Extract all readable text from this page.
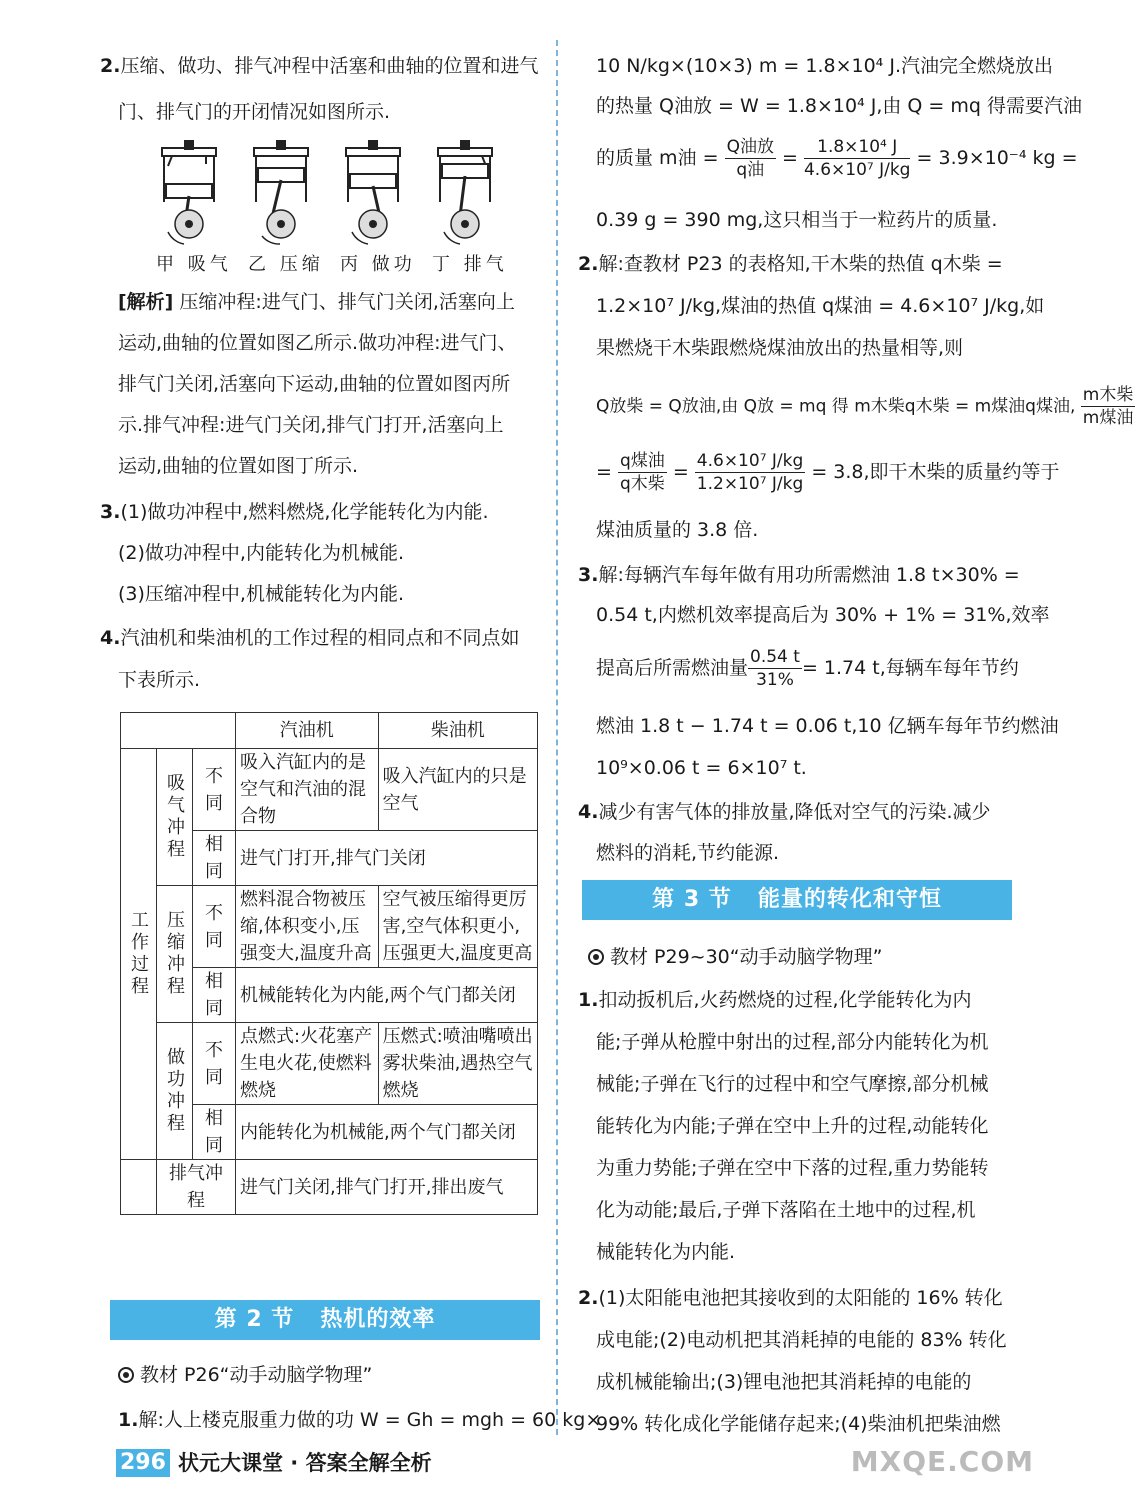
2.压缩、做功、排气冲程中活塞和曲轴的位置和进气
门、排气门的开闭情况如图所示.
甲 吸气 乙 压缩 丙 做功 丁 排气
[解析] 压缩冲程:进气门、排气门关闭,活塞向上
运动,曲轴的位置如图乙所示.做功冲程:进气门、
排气门关闭,活塞向下运动,曲轴的位置如图丙所
示.排气冲程:进气门关闭,排气门打开,活塞向上
运动,曲轴的位置如图丁所示.
3.(1)做功冲程中,燃料燃烧,化学能转化为内能.
(2)做功冲程中,内能转化为机械能.
(3)压缩冲程中,机械能转化为内能.
4.汽油机和柴油机的工作过程的相同点和不同点如
下表所示.
			汽油机	柴油机
工作过程	吸气冲程	不同	吸入汽缸内的是空气和汽油的混合物	吸入汽缸内的只是空气
		相同	进气门打开,排气门关闭	
	压缩冲程	不同	燃料混合物被压缩,体积变小,压强变大,温度升高	空气被压缩得更厉害,空气体积更小,压强更大,温度更高
		相同	机械能转化为内能,两个气门都关闭	
	做功冲程	不同	点燃式:火花塞产生电火花,使燃料燃烧	压燃式:喷油嘴喷出雾状柴油,遇热空气燃烧
		相同	内能转化为机械能,两个气门都关闭	
	排气冲程		进气门关闭,排气门打开,排出废气	
第 2 节 热机的效率
教材 P26“动手动脑学物理”
1.解:人上楼克服重力做的功 W = Gh = mgh = 60 kg×
10 N/kg×(10×3) m = 1.8×10⁴ J.汽油完全燃烧放出
的热量 Q油放 = W = 1.8×10⁴ J,由 Q = mq 得需要汽油
的质量 m油 = $\frac{\text{Q油放}}{\text{q油}} = \frac{\text{1.8×10⁴ J}}{\text{4.6×10⁷ J/kg}} = 3.9\times 10^{-4}$ kg =
0.39 g = 390 mg,这只相当于一粒药片的质量.
2.解:查教材 P23 的表格知,干木柴的热值 q木柴 =
1.2×10⁷ J/kg,煤油的热值 q煤油 = 4.6×10⁷ J/kg,如
果燃烧干木柴跟燃烧煤油放出的热量相等,则
Q放柴 = Q放油,由 Q放 = mq 得 m木柴q木柴 = m煤油q煤油, $\frac{\text{m木柴}}{\text{m煤油}}$
= $\frac{\text{q煤油}}{\text{q木柴}} = \frac{\text{4.6×10⁷ J/kg}}{\text{1.2×10⁷ J/kg}} = 3.8$,即干木柴的质量约等于
煤油质量的 3.8 倍.
3.解:每辆汽车每年做有用功所需燃油 1.8 t×30% =
0.54 t,内燃机效率提高后为 30% + 1% = 31%,效率
提高后所需燃油量 $\frac{0.54 t}{31\%} = 1.74$ t,每辆车每年节约
燃油 1.8 t − 1.74 t = 0.06 t,10 亿辆车每年节约燃油
10⁹×0.06 t = 6×10⁷ t.
4.减少有害气体的排放量,降低对空气的污染.减少
燃料的消耗,节约能源.
第 3 节 能量的转化和守恒
教材 P29~30“动手动脑学物理”
1.扣动扳机后,火药燃烧的过程,化学能转化为内
能;子弹从枪膛中射出的过程,部分内能转化为机
械能;子弹在飞行的过程中和空气摩擦,部分机械
能转化为内能;子弹在空中上升的过程,动能转化
为重力势能;子弹在空中下落的过程,重力势能转
化为动能;最后,子弹下落陷在土地中的过程,机
械能转化为内能.
2.(1)太阳能电池把其接收到的太阳能的 16% 转化
成电能;(2)电动机把其消耗掉的电能的 83% 转化
成机械能输出;(3)锂电池把其消耗掉的电能的
99% 转化成化学能储存起来;(4)柴油机把柴油燃
296 状元大课堂 · 答案全解全析	MXQE.COM
